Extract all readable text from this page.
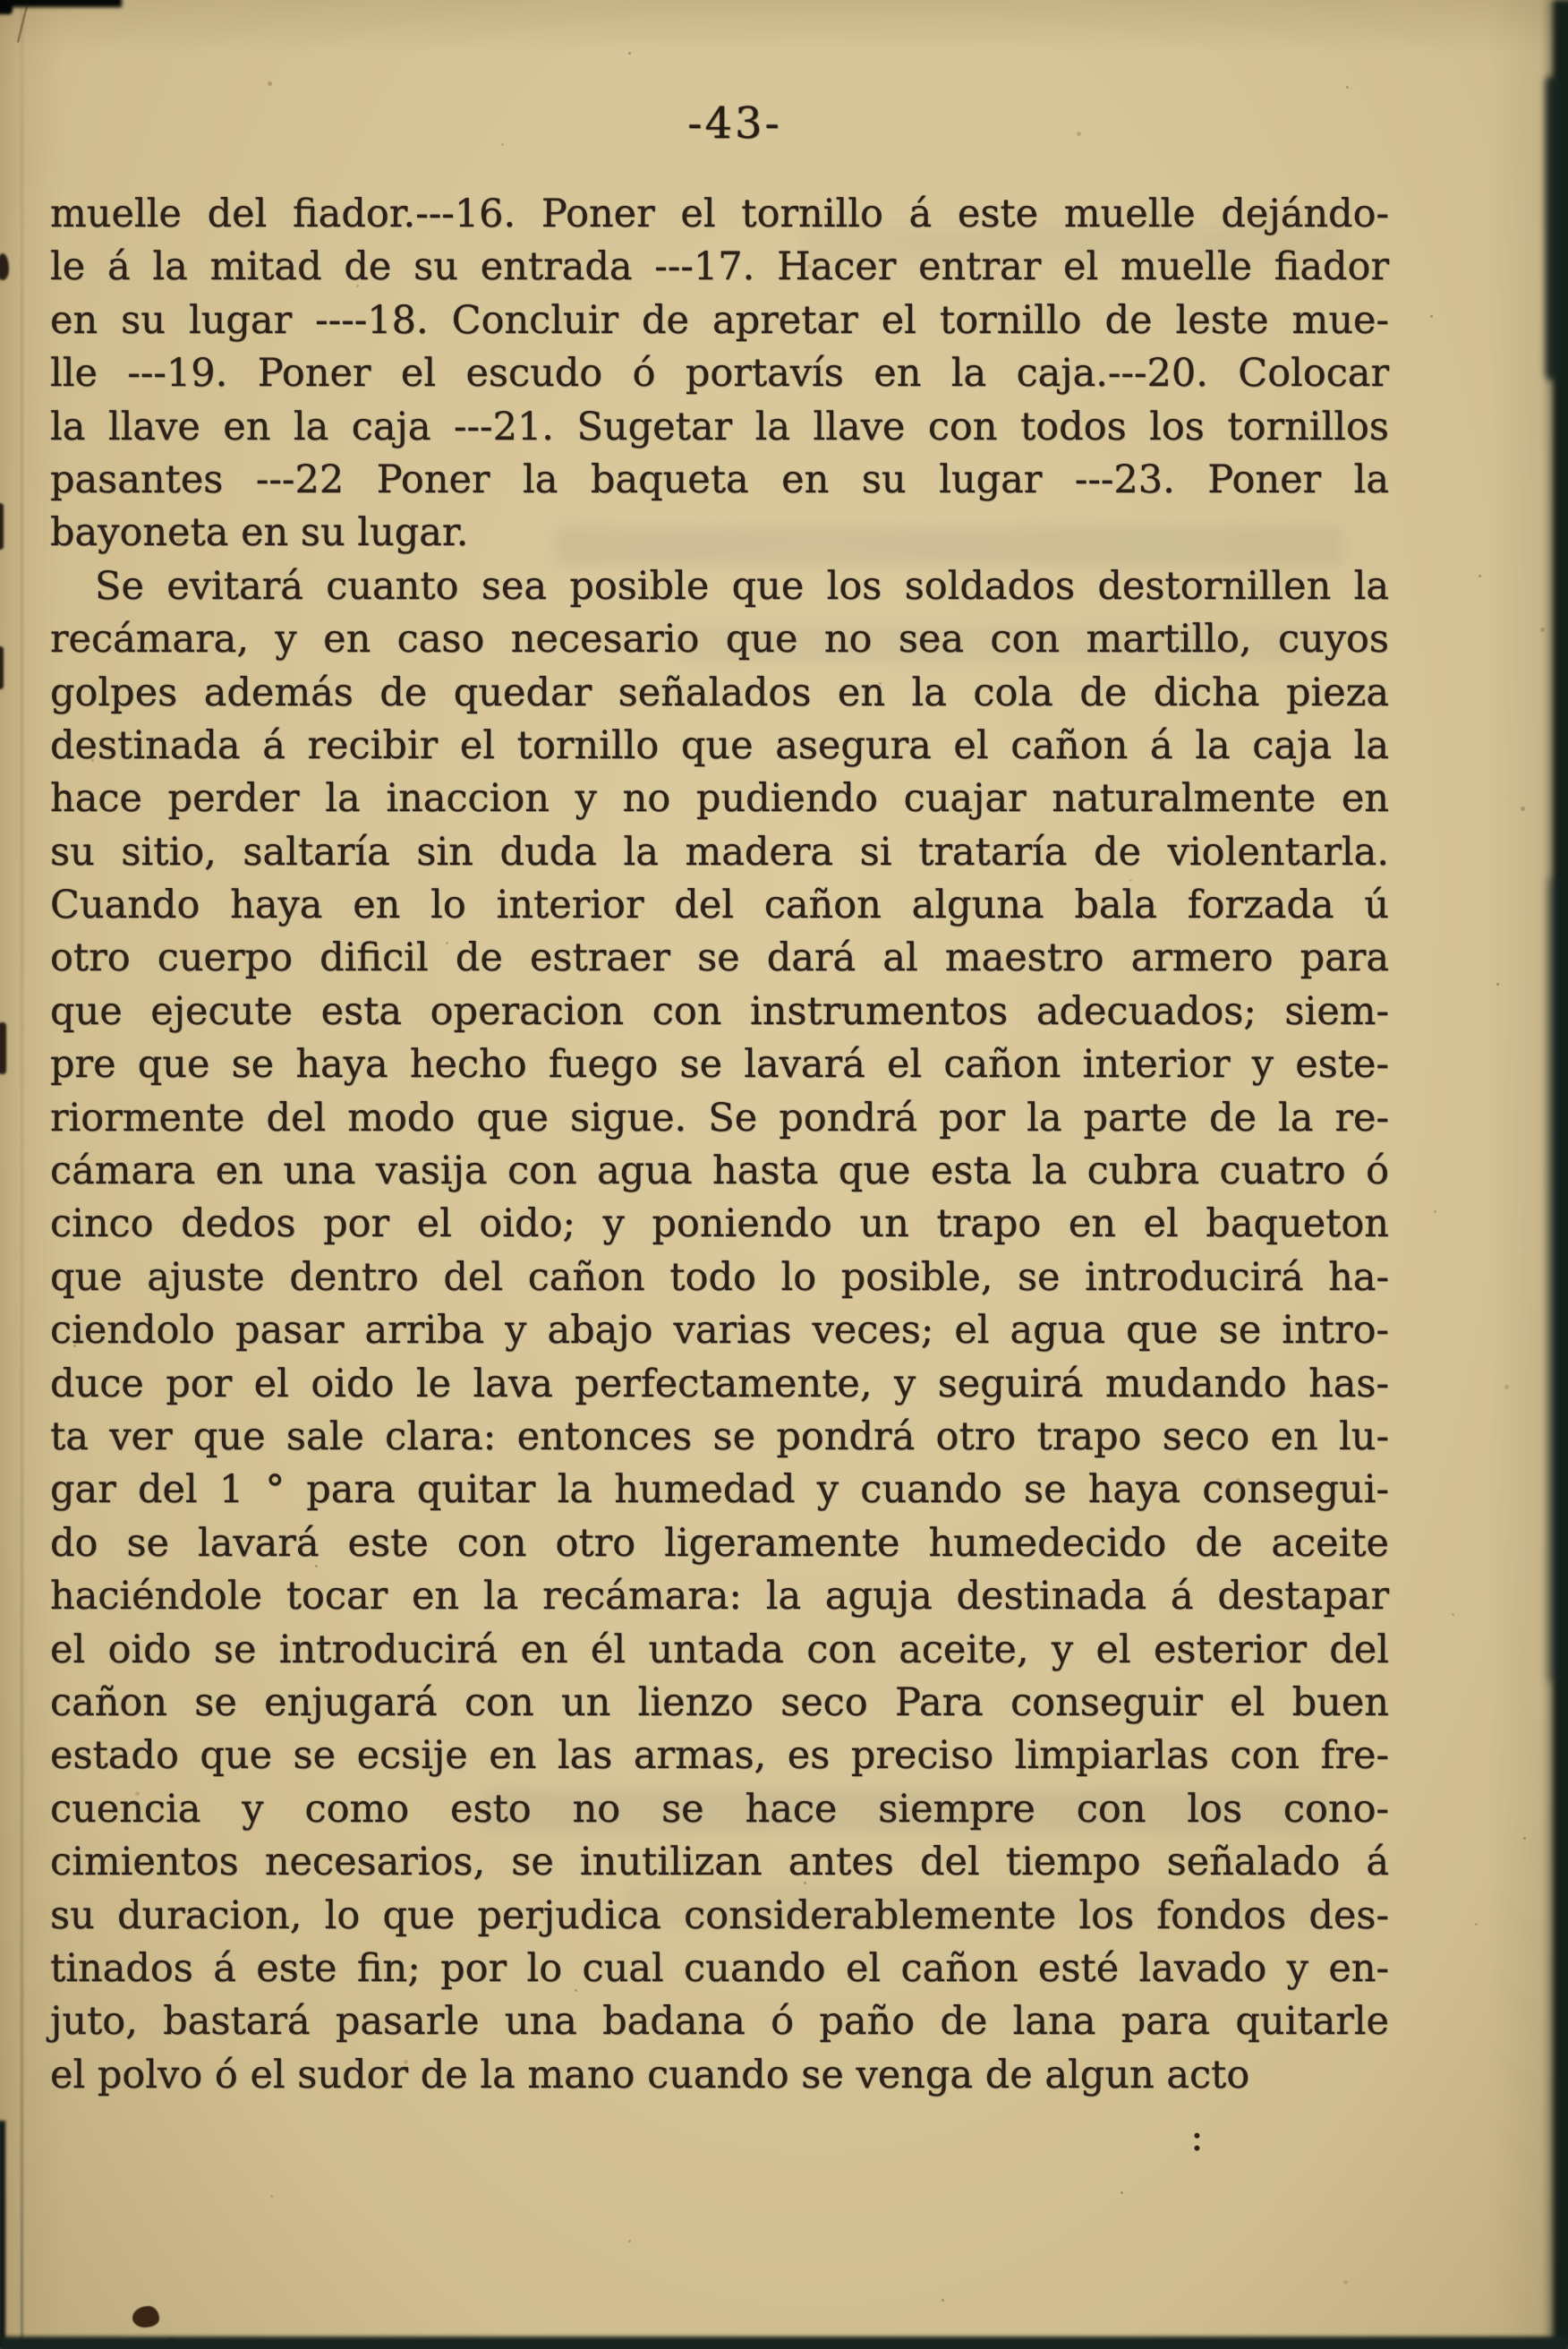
-43-
muelle del fiador.---16. Poner el tornillo á este muelle dejándo-
le á la mitad de su entrada ---17. Hacer entrar el muelle fiador
en su lugar ----18. Concluir de apretar el tornillo de leste mue-
lle ---19. Poner el escudo ó portavís en la caja.---20. Colocar
la llave en la caja ---21. Sugetar la llave con todos los tornillos
pasantes ---22 Poner la baqueta en su lugar ---23. Poner la
bayoneta en su lugar.
Se evitará cuanto sea posible que los soldados destornillen la
recámara, y en caso necesario que no sea con martillo, cuyos
golpes además de quedar señalados en la cola de dicha pieza
destinada á recibir el tornillo que asegura el cañon á la caja la
hace perder la inaccion y no pudiendo cuajar naturalmente en
su sitio, saltaría sin duda la madera si trataría de violentarla.
Cuando haya en lo interior del cañon alguna bala forzada ú
otro cuerpo dificil de estraer se dará al maestro armero para
que ejecute esta operacion con instrumentos adecuados; siem-
pre que se haya hecho fuego se lavará el cañon interior y este-
riormente del modo que sigue. Se pondrá por la parte de la re-
cámara en una vasija con agua hasta que esta la cubra cuatro ó
cinco dedos por el oido; y poniendo un trapo en el baqueton
que ajuste dentro del cañon todo lo posible, se introducirá ha-
ciendolo pasar arriba y abajo varias veces; el agua que se intro-
duce por el oido le lava perfectamente, y seguirá mudando has-
ta ver que sale clara: entonces se pondrá otro trapo seco en lu-
gar del 1 ° para quitar la humedad y cuando se haya consegui-
do se lavará este con otro ligeramente humedecido de aceite
haciéndole tocar en la recámara: la aguja destinada á destapar
el oido se introducirá en él untada con aceite, y el esterior del
cañon se enjugará con un lienzo seco Para conseguir el buen
estado que se ecsije en las armas, es preciso limpiarlas con fre-
cuencia y como esto no se hace siempre con los cono-
cimientos necesarios, se inutilizan antes del tiempo señalado á
su duracion, lo que perjudica considerablemente los fondos des-
tinados á este fin; por lo cual cuando el cañon esté lavado y en-
juto, bastará pasarle una badana ó paño de lana para quitarle
el polvo ó el sudor de la mano cuando se venga de algun acto
:
